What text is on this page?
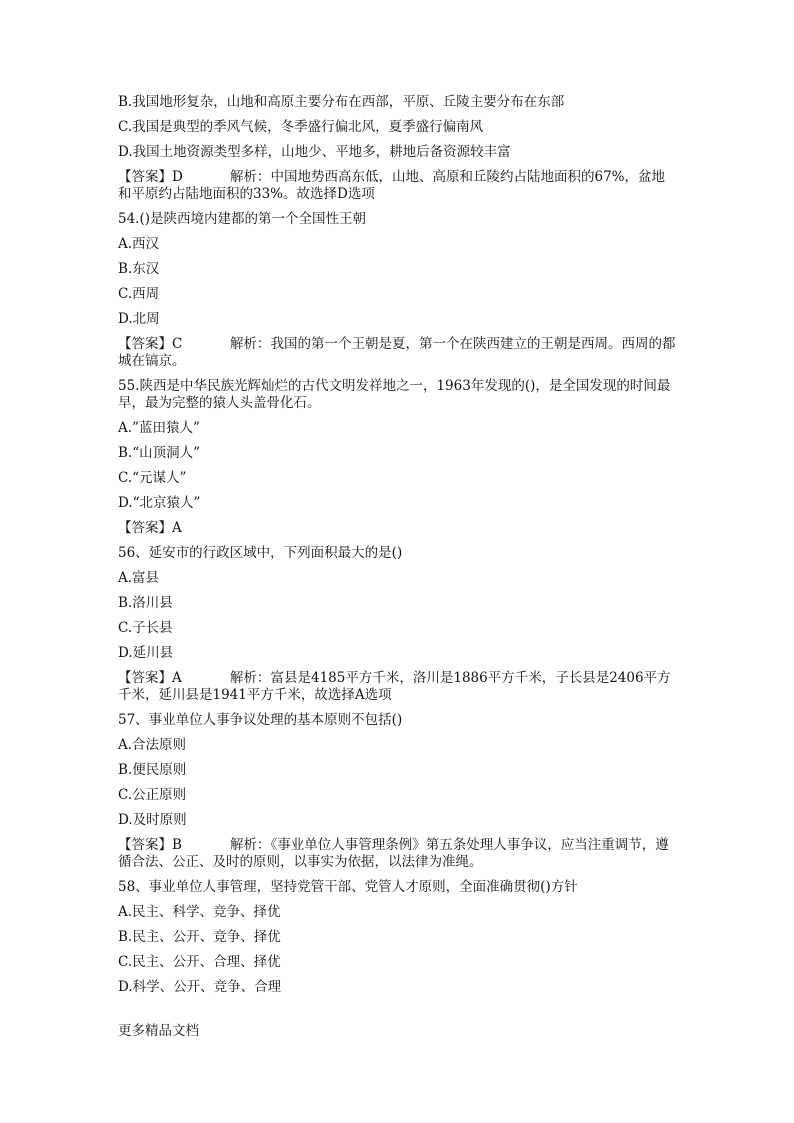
B.我国地形复杂，山地和高原主要分布在西部，平原、丘陵主要分布在东部
C.我国是典型的季风气候，冬季盛行偏北风，夏季盛行偏南风
D.我国土地资源类型多样，山地少、平地多，耕地后备资源较丰富
【答案】D	解析：中国地势西高东低，山地、高原和丘陵约占陆地面积的67%，盆地和平原约占陆地面积的33%。故选择D选项
54.()是陕西境内建都的第一个全国性王朝
A.西汉
B.东汉
C.西周
D.北周
【答案】C	解析：我国的第一个王朝是夏，第一个在陕西建立的王朝是西周。西周的都城在镐京。
55.陕西是中华民族光辉灿烂的古代文明发祥地之一，1963年发现的()，是全国发现的时间最早，最为完整的猿人头盖骨化石。
A.”蓝田猿人”
B.“山顶洞人”
C.“元谋人”
D.“北京猿人”
【答案】A
56、延安市的行政区域中，下列面积最大的是()
A.富县
B.洛川县
C.子长县
D.延川县
【答案】A	解析：富县是4185平方千米，洛川是1886平方千米，子长县是2406平方千米，延川县是1941平方千米，故选择A选项
57、事业单位人事争议处理的基本原则不包括()
A.合法原则
B.便民原则
C.公正原则
D.及时原则
【答案】B	解析：《事业单位人事管理条例》第五条处理人事争议，应当注重调节，遵循合法、公正、及时的原则，以事实为依据，以法律为准绳。
58、事业单位人事管理，坚持党管干部、党管人才原则，全面准确贯彻()方针
A.民主、科学、竞争、择优
B.民主、公开、竞争、择优
C.民主、公开、合理、择优
D.科学、公开、竞争、合理
更多精品文档
